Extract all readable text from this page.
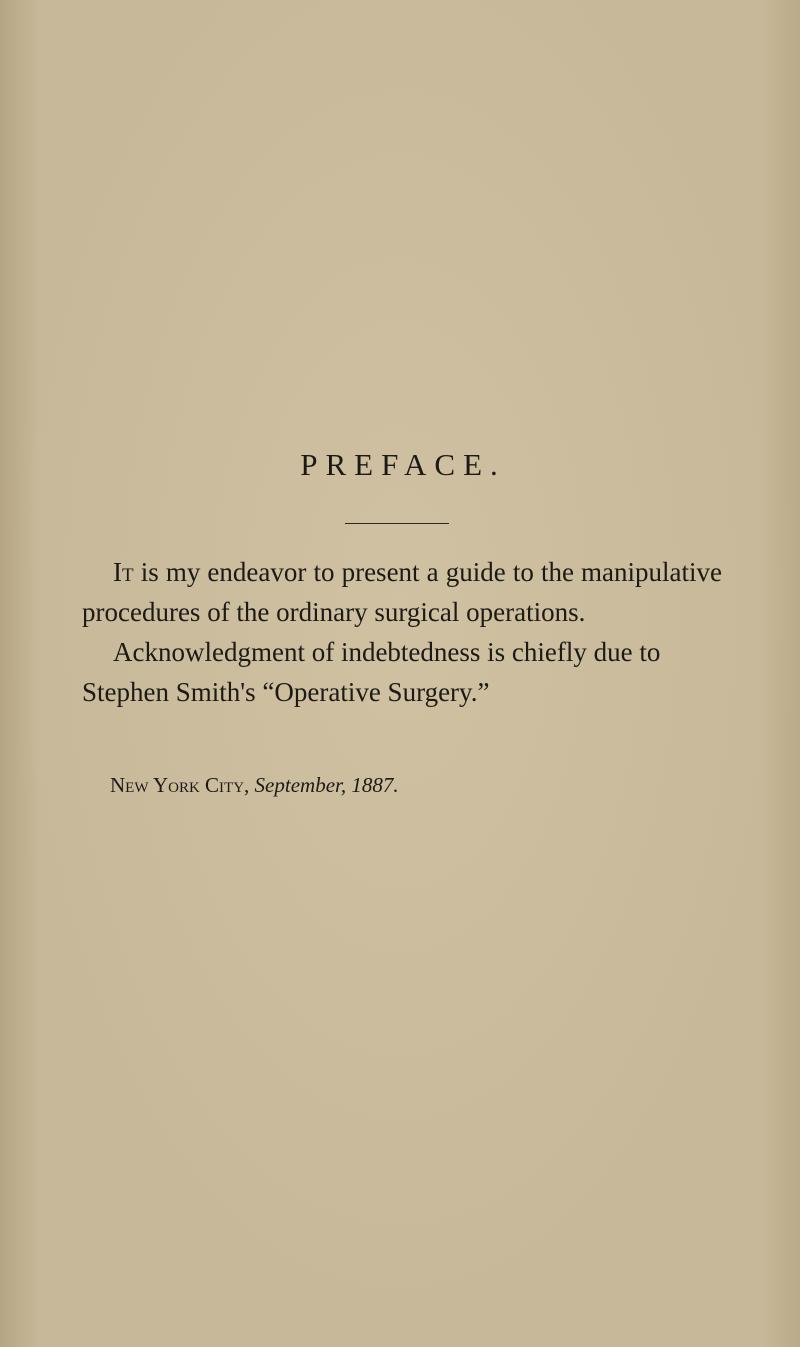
PREFACE.

It is my endeavor to present a guide to the manipulative procedures of the ordinary surgical operations.

Acknowledgment of indebtedness is chiefly due to Stephen Smith's “Operative Surgery.”

New York City, September, 1887.
